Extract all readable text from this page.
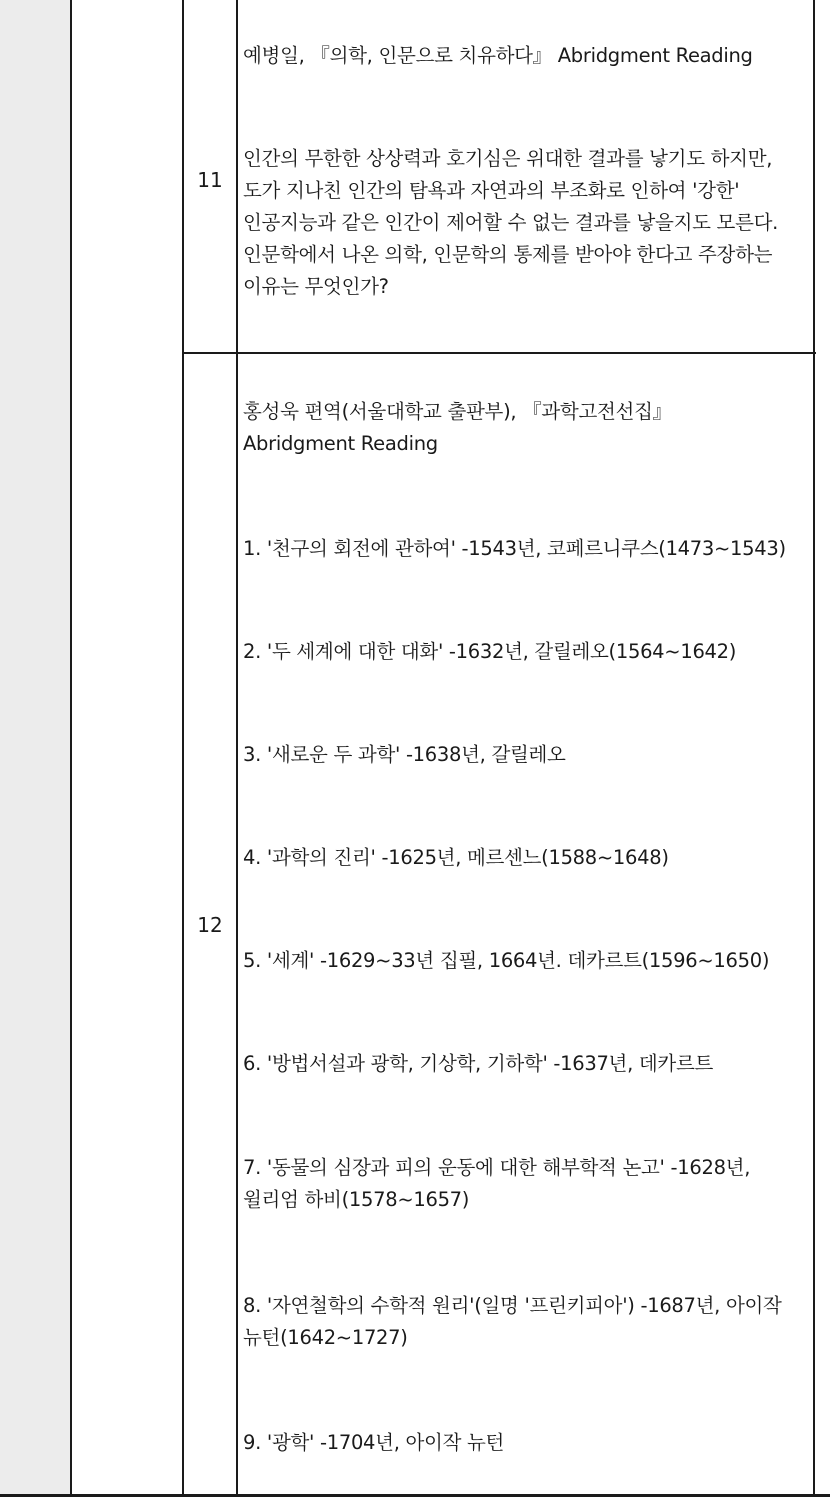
11
예병일, 『의학, 인문으로 치유하다』 Abridgment Reading
인간의 무한한 상상력과 호기심은 위대한 결과를 낳기도 하지만, 도가 지나친 인간의 탐욕과 자연과의 부조화로 인하여 '강한' 인공지능과 같은 인간이 제어할 수 없는 결과를 낳을지도 모른다. 인문학에서 나온 의학, 인문학의 통제를 받아야 한다고 주장하는 이유는 무엇인가?
12
홍성욱 편역(서울대학교 출판부), 『과학고전선집』 Abridgment Reading
1. '천구의 회전에 관하여' -1543년, 코페르니쿠스(1473~1543)
2. '두 세계에 대한 대화' -1632년, 갈릴레오(1564~1642)
3. '새로운 두 과학' -1638년, 갈릴레오
4. '과학의 진리' -1625년, 메르센느(1588~1648)
5. '세계' -1629~33년 집필, 1664년. 데카르트(1596~1650)
6. '방법서설과 광학, 기상학, 기하학' -1637년, 데카르트
7. '동물의 심장과 피의 운동에 대한 해부학적 논고' -1628년, 윌리엄 하비(1578~1657)
8. '자연철학의 수학적 원리'(일명 '프린키피아') -1687년, 아이작 뉴턴(1642~1727)
9. '광학' -1704년, 아이작 뉴턴
